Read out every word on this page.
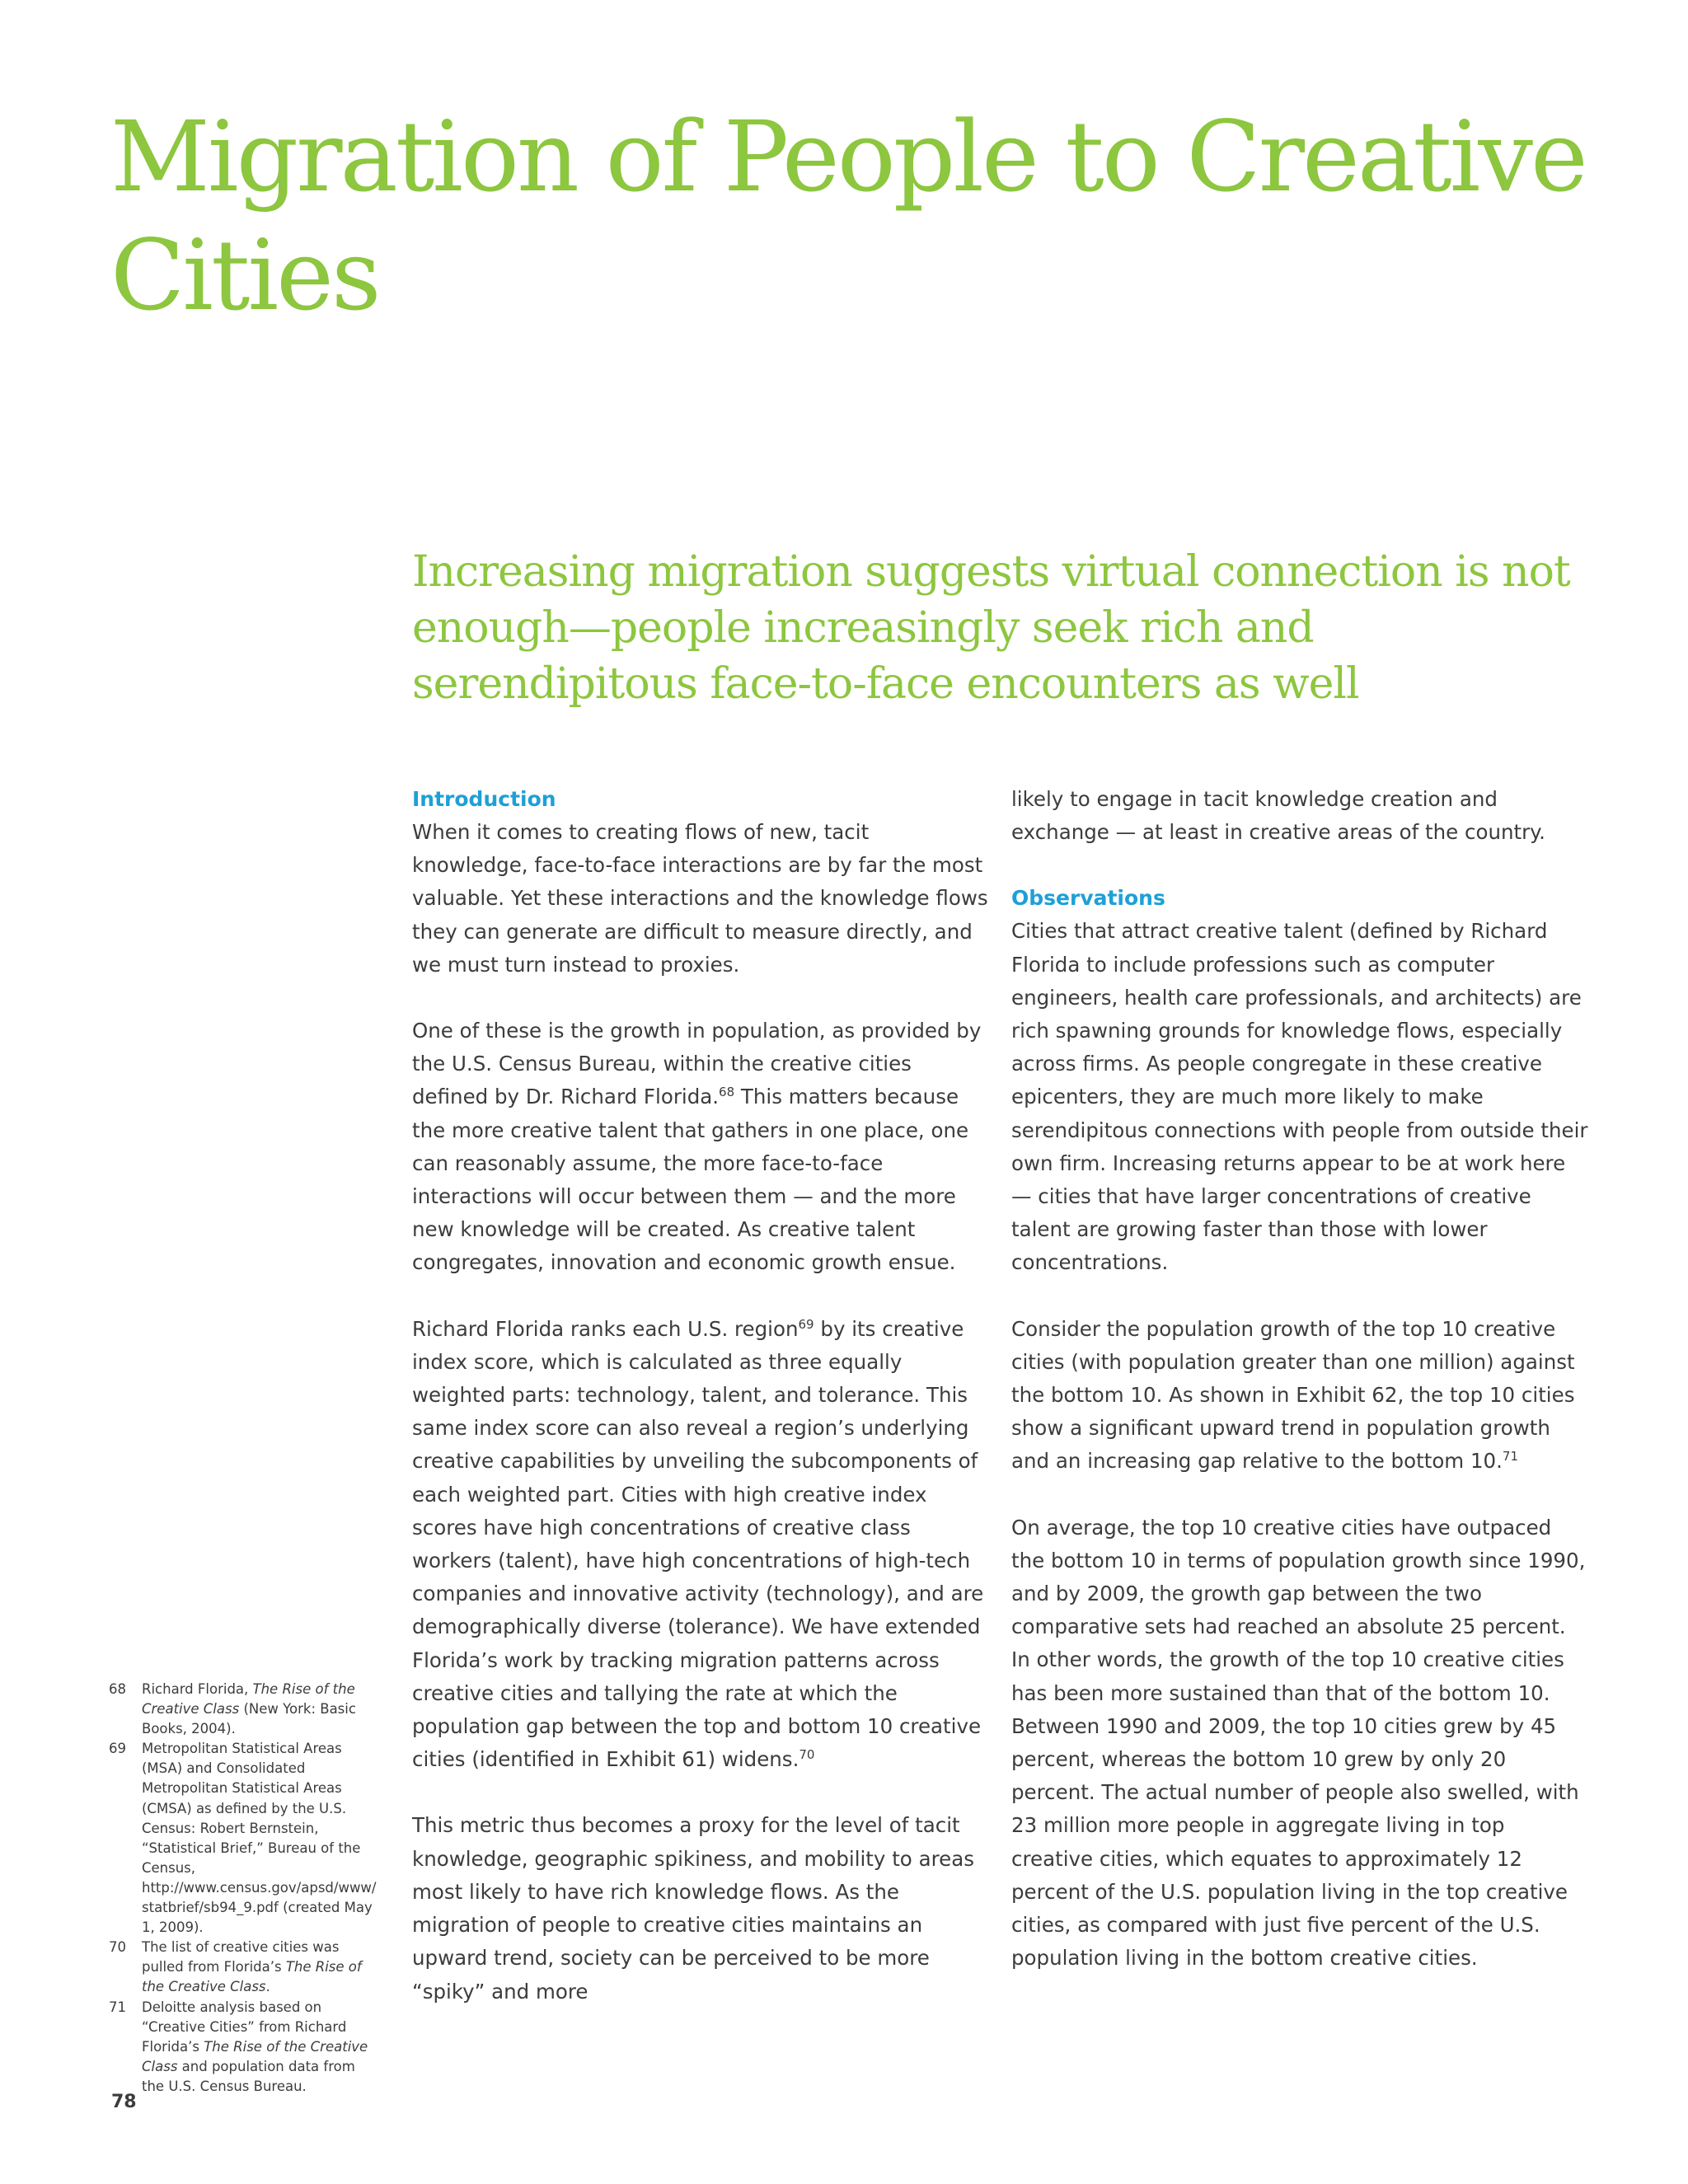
Migration of People to Creative Cities
Increasing migration suggests virtual connection is not enough—people increasingly seek rich and serendipitous face-to-face encounters as well
Introduction

When it comes to creating flows of new, tacit knowledge, face-to-face interactions are by far the most valuable. Yet these interactions and the knowledge flows they can generate are difficult to measure directly, and we must turn instead to proxies.

One of these is the growth in population, as provided by the U.S. Census Bureau, within the creative cities defined by Dr. Richard Florida.$^{68}$ This matters because the more creative talent that gathers in one place, one can reasonably assume, the more face-to-face interactions will occur between them — and the more new knowledge will be created. As creative talent congregates, innovation and economic growth ensue.

Richard Florida ranks each U.S. region$^{69}$ by its creative index score, which is calculated as three equally weighted parts: technology, talent, and tolerance. This same index score can also reveal a region’s underlying creative capabilities by unveiling the subcomponents of each weighted part. Cities with high creative index scores have high concentrations of creative class workers (talent), have high concentrations of high-tech companies and innovative activity (technology), and are demographically diverse (tolerance). We have extended Florida’s work by tracking migration patterns across creative cities and tallying the rate at which the population gap between the top and bottom 10 creative cities (identified in Exhibit 61) widens.$^{70}$

This metric thus becomes a proxy for the level of tacit knowledge, geographic spikiness, and mobility to areas most likely to have rich knowledge flows. As the migration of people to creative cities maintains an upward trend, society can be perceived to be more “spiky” and more

likely to engage in tacit knowledge creation and exchange — at least in creative areas of the country.

Observations

Cities that attract creative talent (defined by Richard Florida to include professions such as computer engineers, health care professionals, and architects) are rich spawning grounds for knowledge flows, especially across firms. As people congregate in these creative epicenters, they are much more likely to make serendipitous connections with people from outside their own firm. Increasing returns appear to be at work here — cities that have larger concentrations of creative talent are growing faster than those with lower concentrations.

Consider the population growth of the top 10 creative cities (with population greater than one million) against the bottom 10. As shown in Exhibit 62, the top 10 cities show a significant upward trend in population growth and an increasing gap relative to the bottom 10.71

On average, the top 10 creative cities have outpaced the bottom 10 in terms of population growth since 1990, and by 2009, the growth gap between the two comparative sets had reached an absolute 25 percent. In other words, the growth of the top 10 creative cities has been more sustained than that of the bottom 10. Between 1990 and 2009, the top 10 cities grew by 45 percent, whereas the bottom 10 grew by only 20 percent. The actual number of people also swelled, with 23 million more people in aggregate living in top creative cities, which equates to approximately 12 percent of the U.S. population living in the top creative cities, as compared with just five percent of the U.S. population living in the bottom creative cities.

68	Richard Florida, The Rise of the Creative Class (New York: Basic Books, 2004).
69	Metropolitan Statistical Areas (MSA) and Consolidated Metropolitan Statistical Areas (CMSA) as defined by the U.S. Census: Robert Bernstein, “Statistical Brief,” Bureau of the Census, http://www.census.gov/apsd/www/statbrief/sb94_9.pdf (created May 1, 2009).
70	The list of creative cities was pulled from Florida’s The Rise of the Creative Class.
71	Deloitte analysis based on “Creative Cities” from Richard Florida’s The Rise of the Creative Class and population data from the U.S. Census Bureau.
78
